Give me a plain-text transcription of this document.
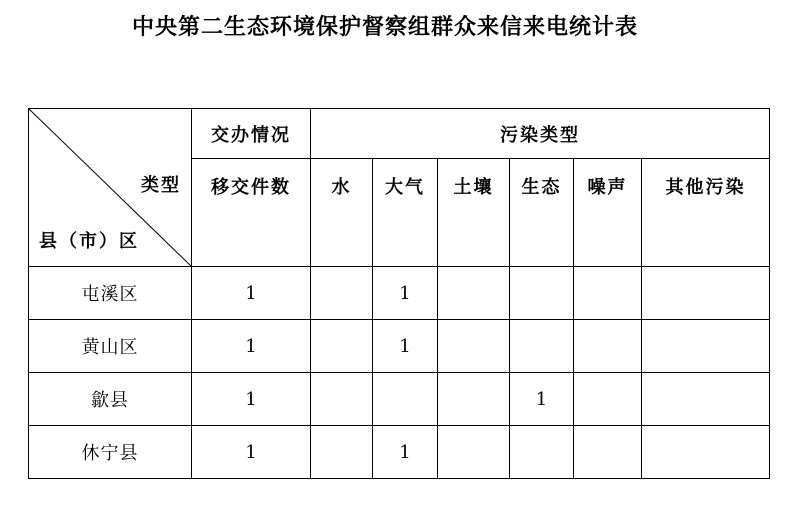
中央第二生态环境保护督察组群众来信来电统计表
类型
县（市）区	交办情况	污染类型					
	移交件数	水	大气	土壤	生态	噪声	其他污染
屯溪区	1		1				
黄山区	1		1				
歙县	1				1		
休宁县	1		1				
